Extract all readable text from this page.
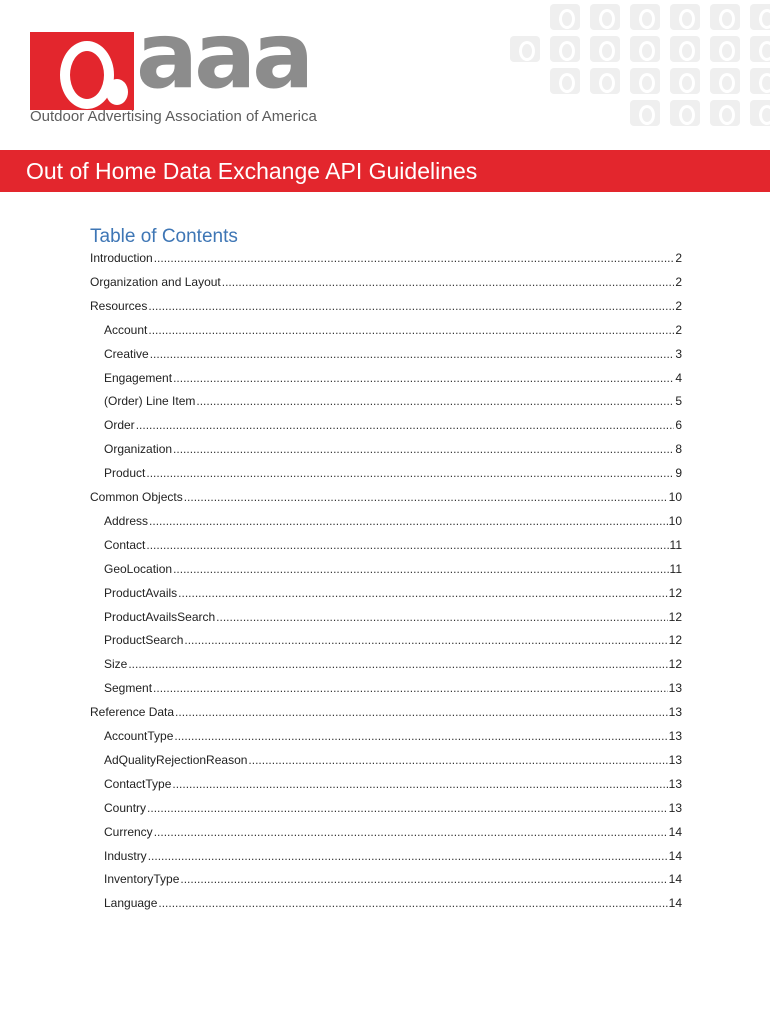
aaa
Outdoor Advertising Association of America
Out of Home Data Exchange API Guidelines
Table of Contents
Introduction .....	2
Organization and Layout .....	2
Resources .....	2
Account .....	2
Creative .....	3
Engagement .....	4
(Order) Line Item .....	5
Order .....	6
Organization .....	8
Product .....	9
Common Objects .....	10
Address .....	10
Contact .....	11
GeoLocation .....	11
ProductAvails .....	12
ProductAvailsSearch .....	12
ProductSearch .....	12
Size .....	12
Segment .....	13
Reference Data .....	13
AccountType .....	13
AdQualityRejectionReason .....	13
ContactType .....	13
Country .....	13
Currency .....	14
Industry .....	14
InventoryType .....	14
Language .....	14
